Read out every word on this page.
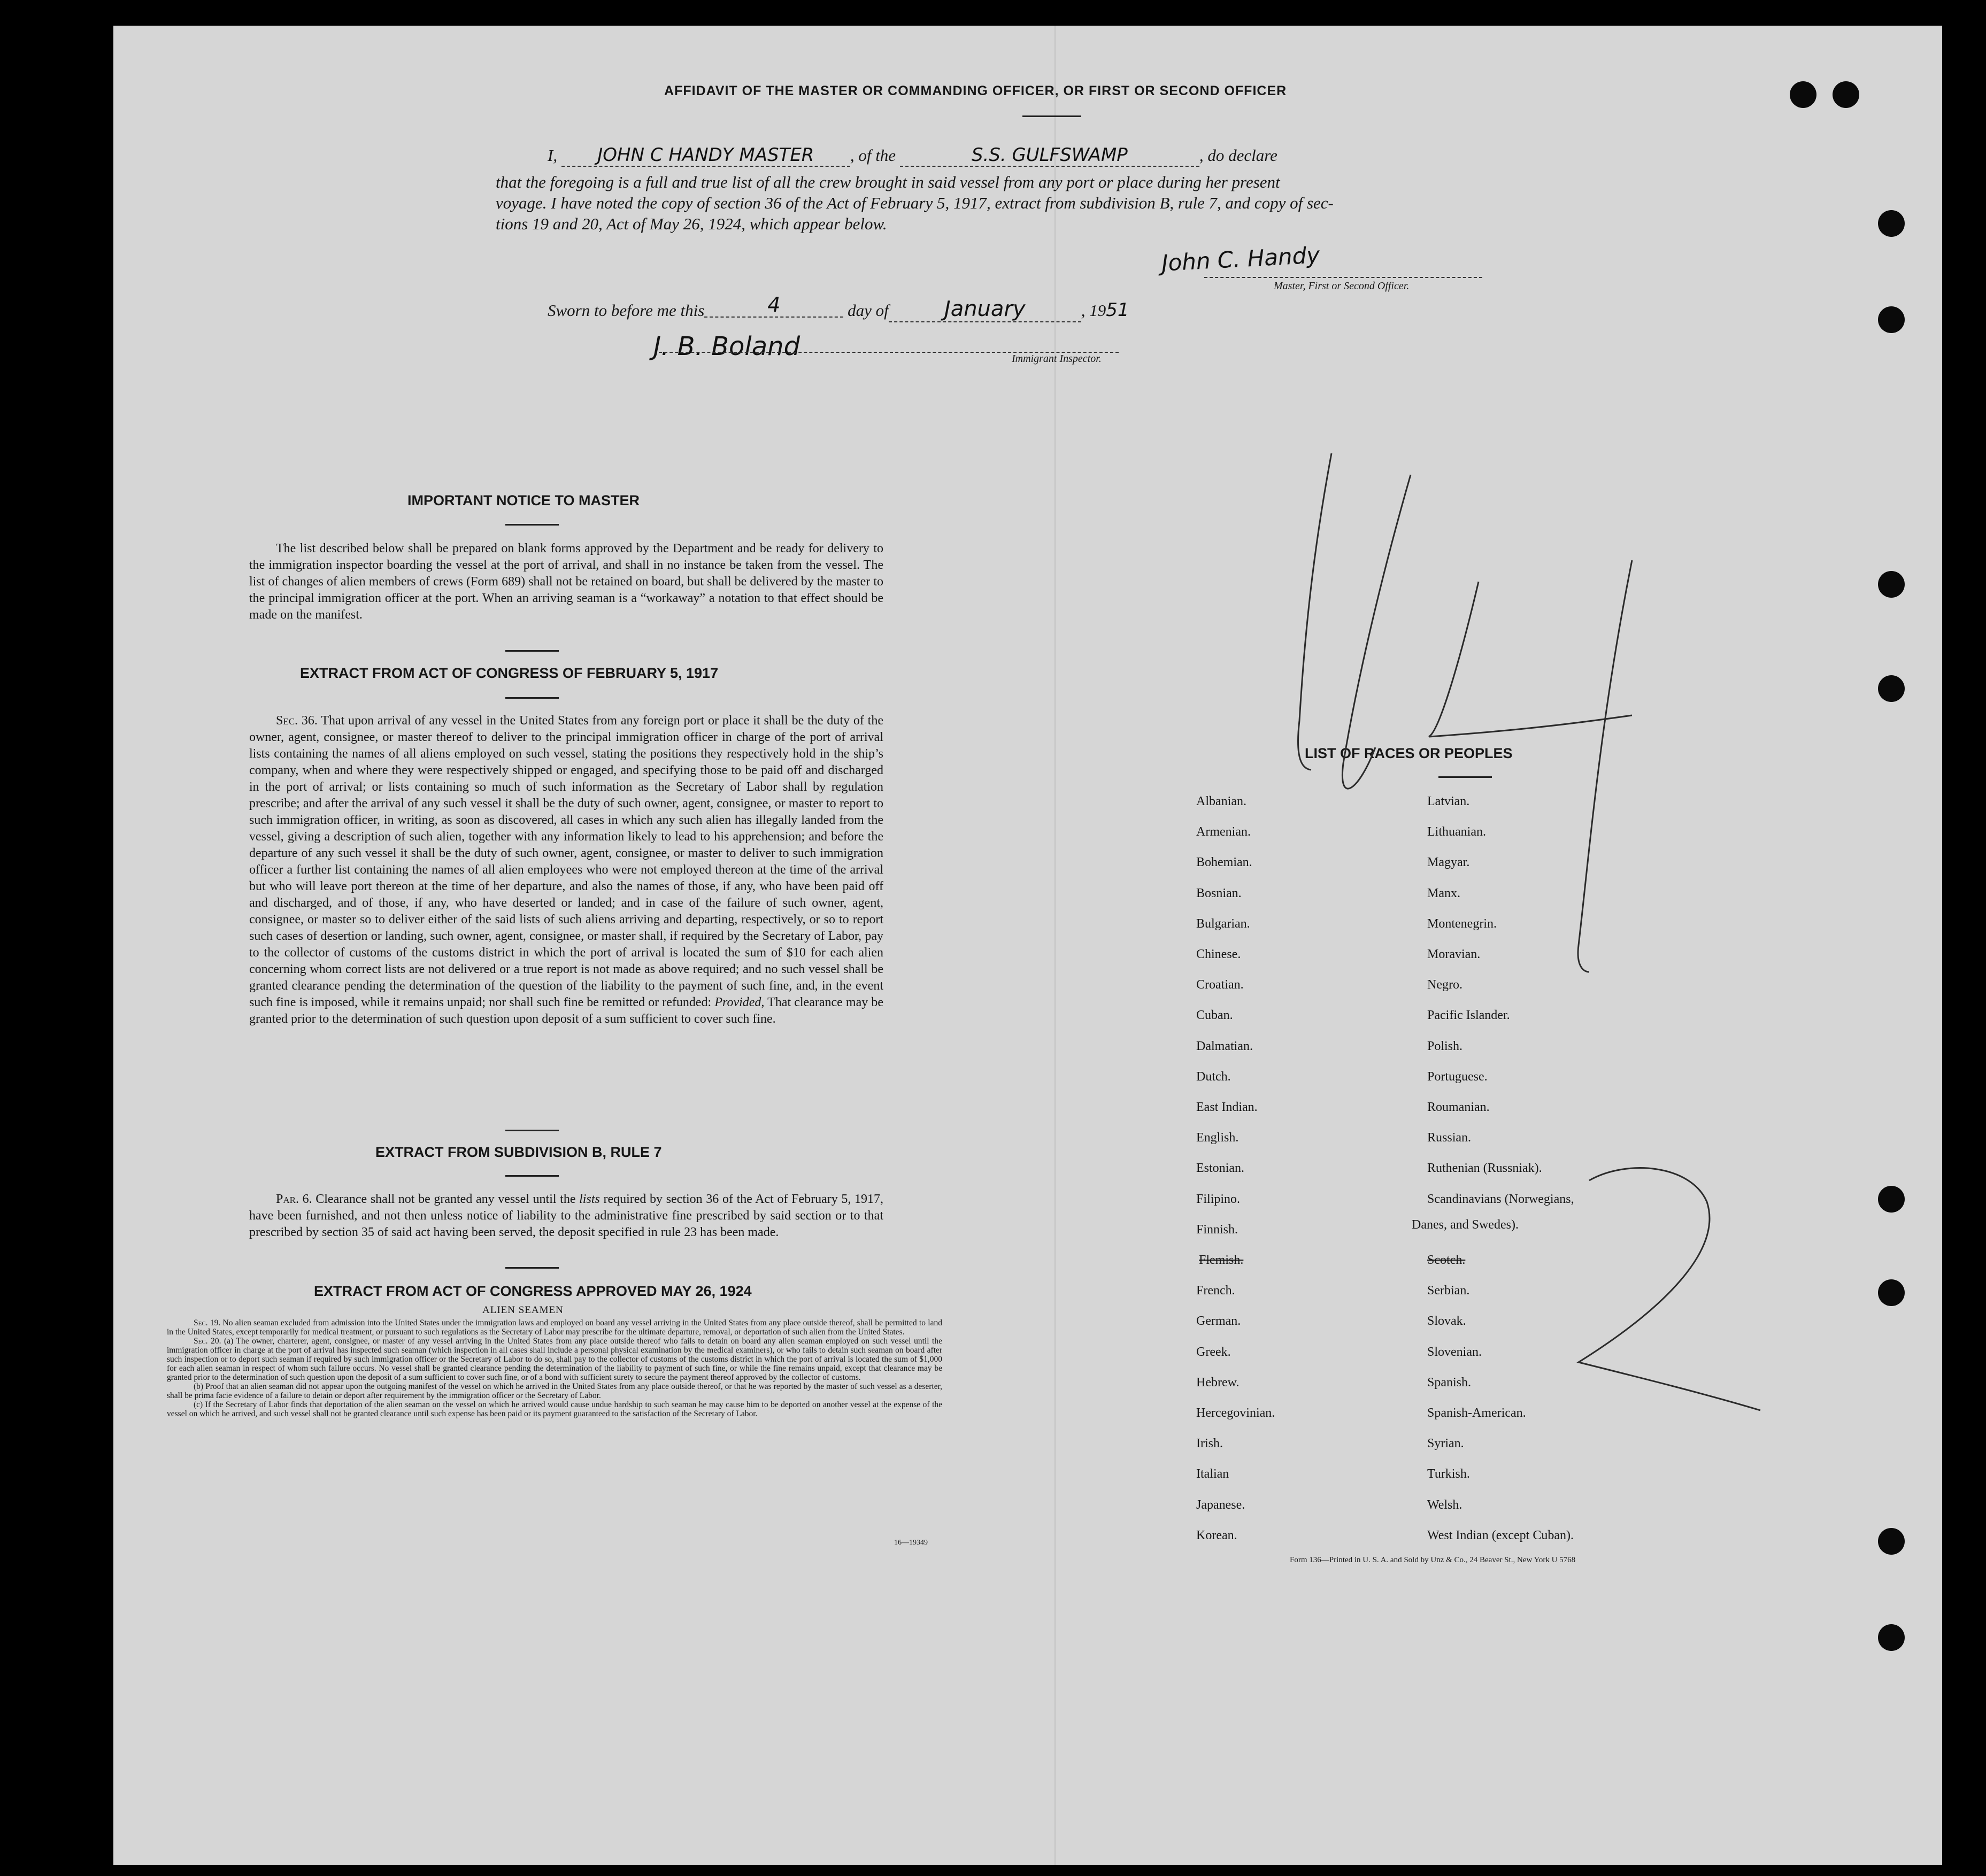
AFFIDAVIT OF THE MASTER OR COMMANDING OFFICER, OR FIRST OR SECOND OFFICER
I, JOHN C HANDY MASTER , of the	S.S. GULFSWAMP	, do declare
that the foregoing is a full and true list of all the crew brought in said vessel from any port or place during her present
voyage. I have noted the copy of section 36 of the Act of February 5, 1917, extract from subdivision B, rule 7, and copy of sec-
tions 19 and 20, Act of May 26, 1924, which appear below.
John C. Handy
Master, First or Second Officer.
Sworn to before me this	4	day of	January	, 1951
J. B. Boland	Immigrant Inspector.
IMPORTANT NOTICE TO MASTER

The list described below shall be prepared on blank forms approved by the Department and be ready for delivery to the immigration inspector boarding the vessel at the port of arrival, and shall in no instance be taken from the vessel. The list of changes of alien members of crews (Form 689) shall not be retained on board, but shall be delivered by the master to the principal immigration officer at the port. When an arriving seaman is a “workaway” a notation to that effect should be made on the manifest.

EXTRACT FROM ACT OF CONGRESS OF FEBRUARY 5, 1917

Sec. 36. That upon arrival of any vessel in the United States from any foreign port or place it shall be the duty of the owner, agent, consignee, or master thereof to deliver to the principal immigration officer in charge of the port of arrival lists containing the names of all aliens employed on such vessel, stating the positions they respectively hold in the ship’s company, when and where they were respectively shipped or engaged, and specifying those to be paid off and discharged in the port of arrival; or lists containing so much of such information as the Secretary of Labor shall by regulation prescribe; and after the arrival of any such vessel it shall be the duty of such owner, agent, consignee, or master to report to such immigration officer, in writing, as soon as discovered, all cases in which any such alien has illegally landed from the vessel, giving a description of such alien, together with any information likely to lead to his apprehension; and before the departure of any such vessel it shall be the duty of such owner, agent, consignee, or master to deliver to such immigration officer a further list containing the names of all alien employees who were not employed thereon at the time of the arrival but who will leave port thereon at the time of her departure, and also the names of those, if any, who have been paid off and discharged, and of those, if any, who have deserted or landed; and in case of the failure of such owner, agent, consignee, or master so to deliver either of the said lists of such aliens arriving and departing, respectively, or so to report such cases of desertion or landing, such owner, agent, consignee, or master shall, if required by the Secretary of Labor, pay to the collector of customs of the customs district in which the port of arrival is located the sum of $10 for each alien concerning whom correct lists are not delivered or a true report is not made as above required; and no such vessel shall be granted clearance pending the determination of the question of the liability to the payment of such fine, and, in the event such fine is imposed, while it remains unpaid; nor shall such fine be remitted or refunded: Provided, That clearance may be granted prior to the determination of such question upon deposit of a sum sufficient to cover such fine.

EXTRACT FROM SUBDIVISION B, RULE 7

Par. 6. Clearance shall not be granted any vessel until the lists required by section 36 of the Act of February 5, 1917, have been furnished, and not then unless notice of liability to the administrative fine prescribed by said section or to that prescribed by section 35 of said act having been served, the deposit specified in rule 23 has been made.

EXTRACT FROM ACT OF CONGRESS APPROVED MAY 26, 1924
ALIEN SEAMEN

Sec. 19. No alien seaman excluded from admission into the United States under the immigration laws and employed on board any vessel arriving in the United States from any place outside thereof, shall be permitted to land in the United States, except temporarily for medical treatment, or pursuant to such regulations as the Secretary of Labor may prescribe for the ultimate departure, removal, or deportation of such alien from the United States.

Sec. 20. (a) The owner, charterer, agent, consignee, or master of any vessel arriving in the United States from any place outside thereof who fails to detain on board any alien seaman employed on such vessel until the immigration officer in charge at the port of arrival has inspected such seaman (which inspection in all cases shall include a personal physical examination by the medical examiners), or who fails to detain such seaman on board after such inspection or to deport such seaman if required by such immigration officer or the Secretary of Labor to do so, shall pay to the collector of customs of the customs district in which the port of arrival is located the sum of $1,000 for each alien seaman in respect of whom such failure occurs. No vessel shall be granted clearance pending the determination of the liability to payment of such fine, or while the fine remains unpaid, except that clearance may be granted prior to the determination of such question upon the deposit of a sum sufficient to cover such fine, or of a bond with sufficient surety to secure the payment thereof approved by the collector of customs.

(b) Proof that an alien seaman did not appear upon the outgoing manifest of the vessel on which he arrived in the United States from any place outside thereof, or that he was reported by the master of such vessel as a deserter, shall be prima facie evidence of a failure to detain or deport after requirement by the immigration officer or the Secretary of Labor.

(c) If the Secretary of Labor finds that deportation of the alien seaman on the vessel on which he arrived would cause undue hardship to such seaman he may cause him to be deported on another vessel at the expense of the vessel on which he arrived, and such vessel shall not be granted clearance until such expense has been paid or its payment guaranteed to the satisfaction of the Secretary of Labor.

16—19349
LIST OF RACES OR PEOPLES
Albanian.
Armenian.
Bohemian.
Bosnian.
Bulgarian.
Chinese.
Croatian.
Cuban.
Dalmatian.
Dutch.
East Indian.
English.
Estonian.
Filipino.
Finnish.
Flemish.
French.
German.
Greek.
Hebrew.
Hercegovinian.
Irish.
Italian
Japanese.
Korean.
Latvian.
Lithuanian.
Magyar.
Manx.
Montenegrin.
Moravian.
Negro.
Pacific Islander.
Polish.
Portuguese.
Roumanian.
Russian.
Ruthenian (Russniak).
Scandinavians (Norwegians,
Scotch.
Serbian.
Slovak.
Slovenian.
Spanish.
Spanish-American.
Syrian.
Turkish.
Welsh.
West Indian (except Cuban).
Danes, and Swedes).
Form 136—Printed in U. S. A. and Sold by Unz & Co., 24 Beaver St., New York U 5768
